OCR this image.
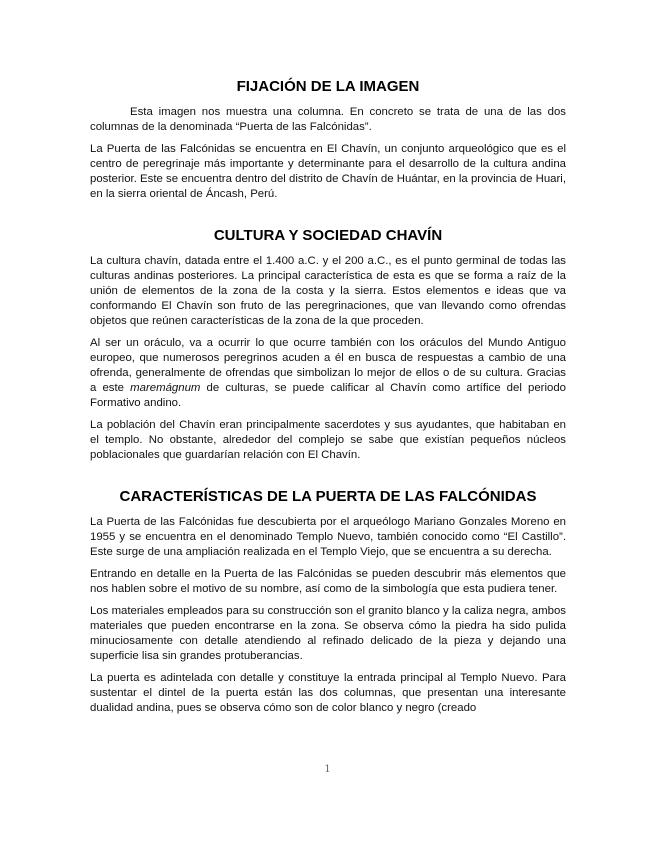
FIJACIÓN DE LA IMAGEN

Esta imagen nos muestra una columna. En concreto se trata de una de las dos columnas de la denominada “Puerta de las Falcónidas”.

La Puerta de las Falcónidas se encuentra en El Chavín, un conjunto arqueológico que es el centro de peregrinaje más importante y determinante para el desarrollo de la cultura andina posterior. Este se encuentra dentro del distrito de Chavín de Huántar, en la provincia de Huari, en la sierra oriental de Áncash, Perú.

CULTURA Y SOCIEDAD CHAVÍN

La cultura chavín, datada entre el 1.400 a.C. y el 200 a.C., es el punto germinal de todas las culturas andinas posteriores. La principal característica de esta es que se forma a raíz de la unión de elementos de la zona de la costa y la sierra. Estos elementos e ideas que va conformando El Chavín son fruto de las peregrinaciones, que van llevando como ofrendas objetos que reúnen características de la zona de la que proceden.

Al ser un oráculo, va a ocurrir lo que ocurre también con los oráculos del Mundo Antiguo europeo, que numerosos peregrinos acuden a él en busca de respuestas a cambio de una ofrenda, generalmente de ofrendas que simbolizan lo mejor de ellos o de su cultura. Gracias a este maremágnum de culturas, se puede calificar al Chavín como artífice del periodo Formativo andino.

La población del Chavín eran principalmente sacerdotes y sus ayudantes, que habitaban en el templo. No obstante, alrededor del complejo se sabe que existían pequeños núcleos poblacionales que guardarían relación con El Chavín.

CARACTERÍSTICAS DE LA PUERTA DE LAS FALCÓNIDAS

La Puerta de las Falcónidas fue descubierta por el arqueólogo Mariano Gonzales Moreno en 1955 y se encuentra en el denominado Templo Nuevo, también conocido como “El Castillo”. Este surge de una ampliación realizada en el Templo Viejo, que se encuentra a su derecha.

Entrando en detalle en la Puerta de las Falcónidas se pueden descubrir más elementos que nos hablen sobre el motivo de su nombre, así como de la simbología que esta pudiera tener.

Los materiales empleados para su construcción son el granito blanco y la caliza negra, ambos materiales que pueden encontrarse en la zona. Se observa cómo la piedra ha sido pulida minuciosamente con detalle atendiendo al refinado delicado de la pieza y dejando una superficie lisa sin grandes protuberancias.

La puerta es adintelada con detalle y constituye la entrada principal al Templo Nuevo. Para sustentar el dintel de la puerta están las dos columnas, que presentan una interesante dualidad andina, pues se observa cómo son de color blanco y negro (creado

1
